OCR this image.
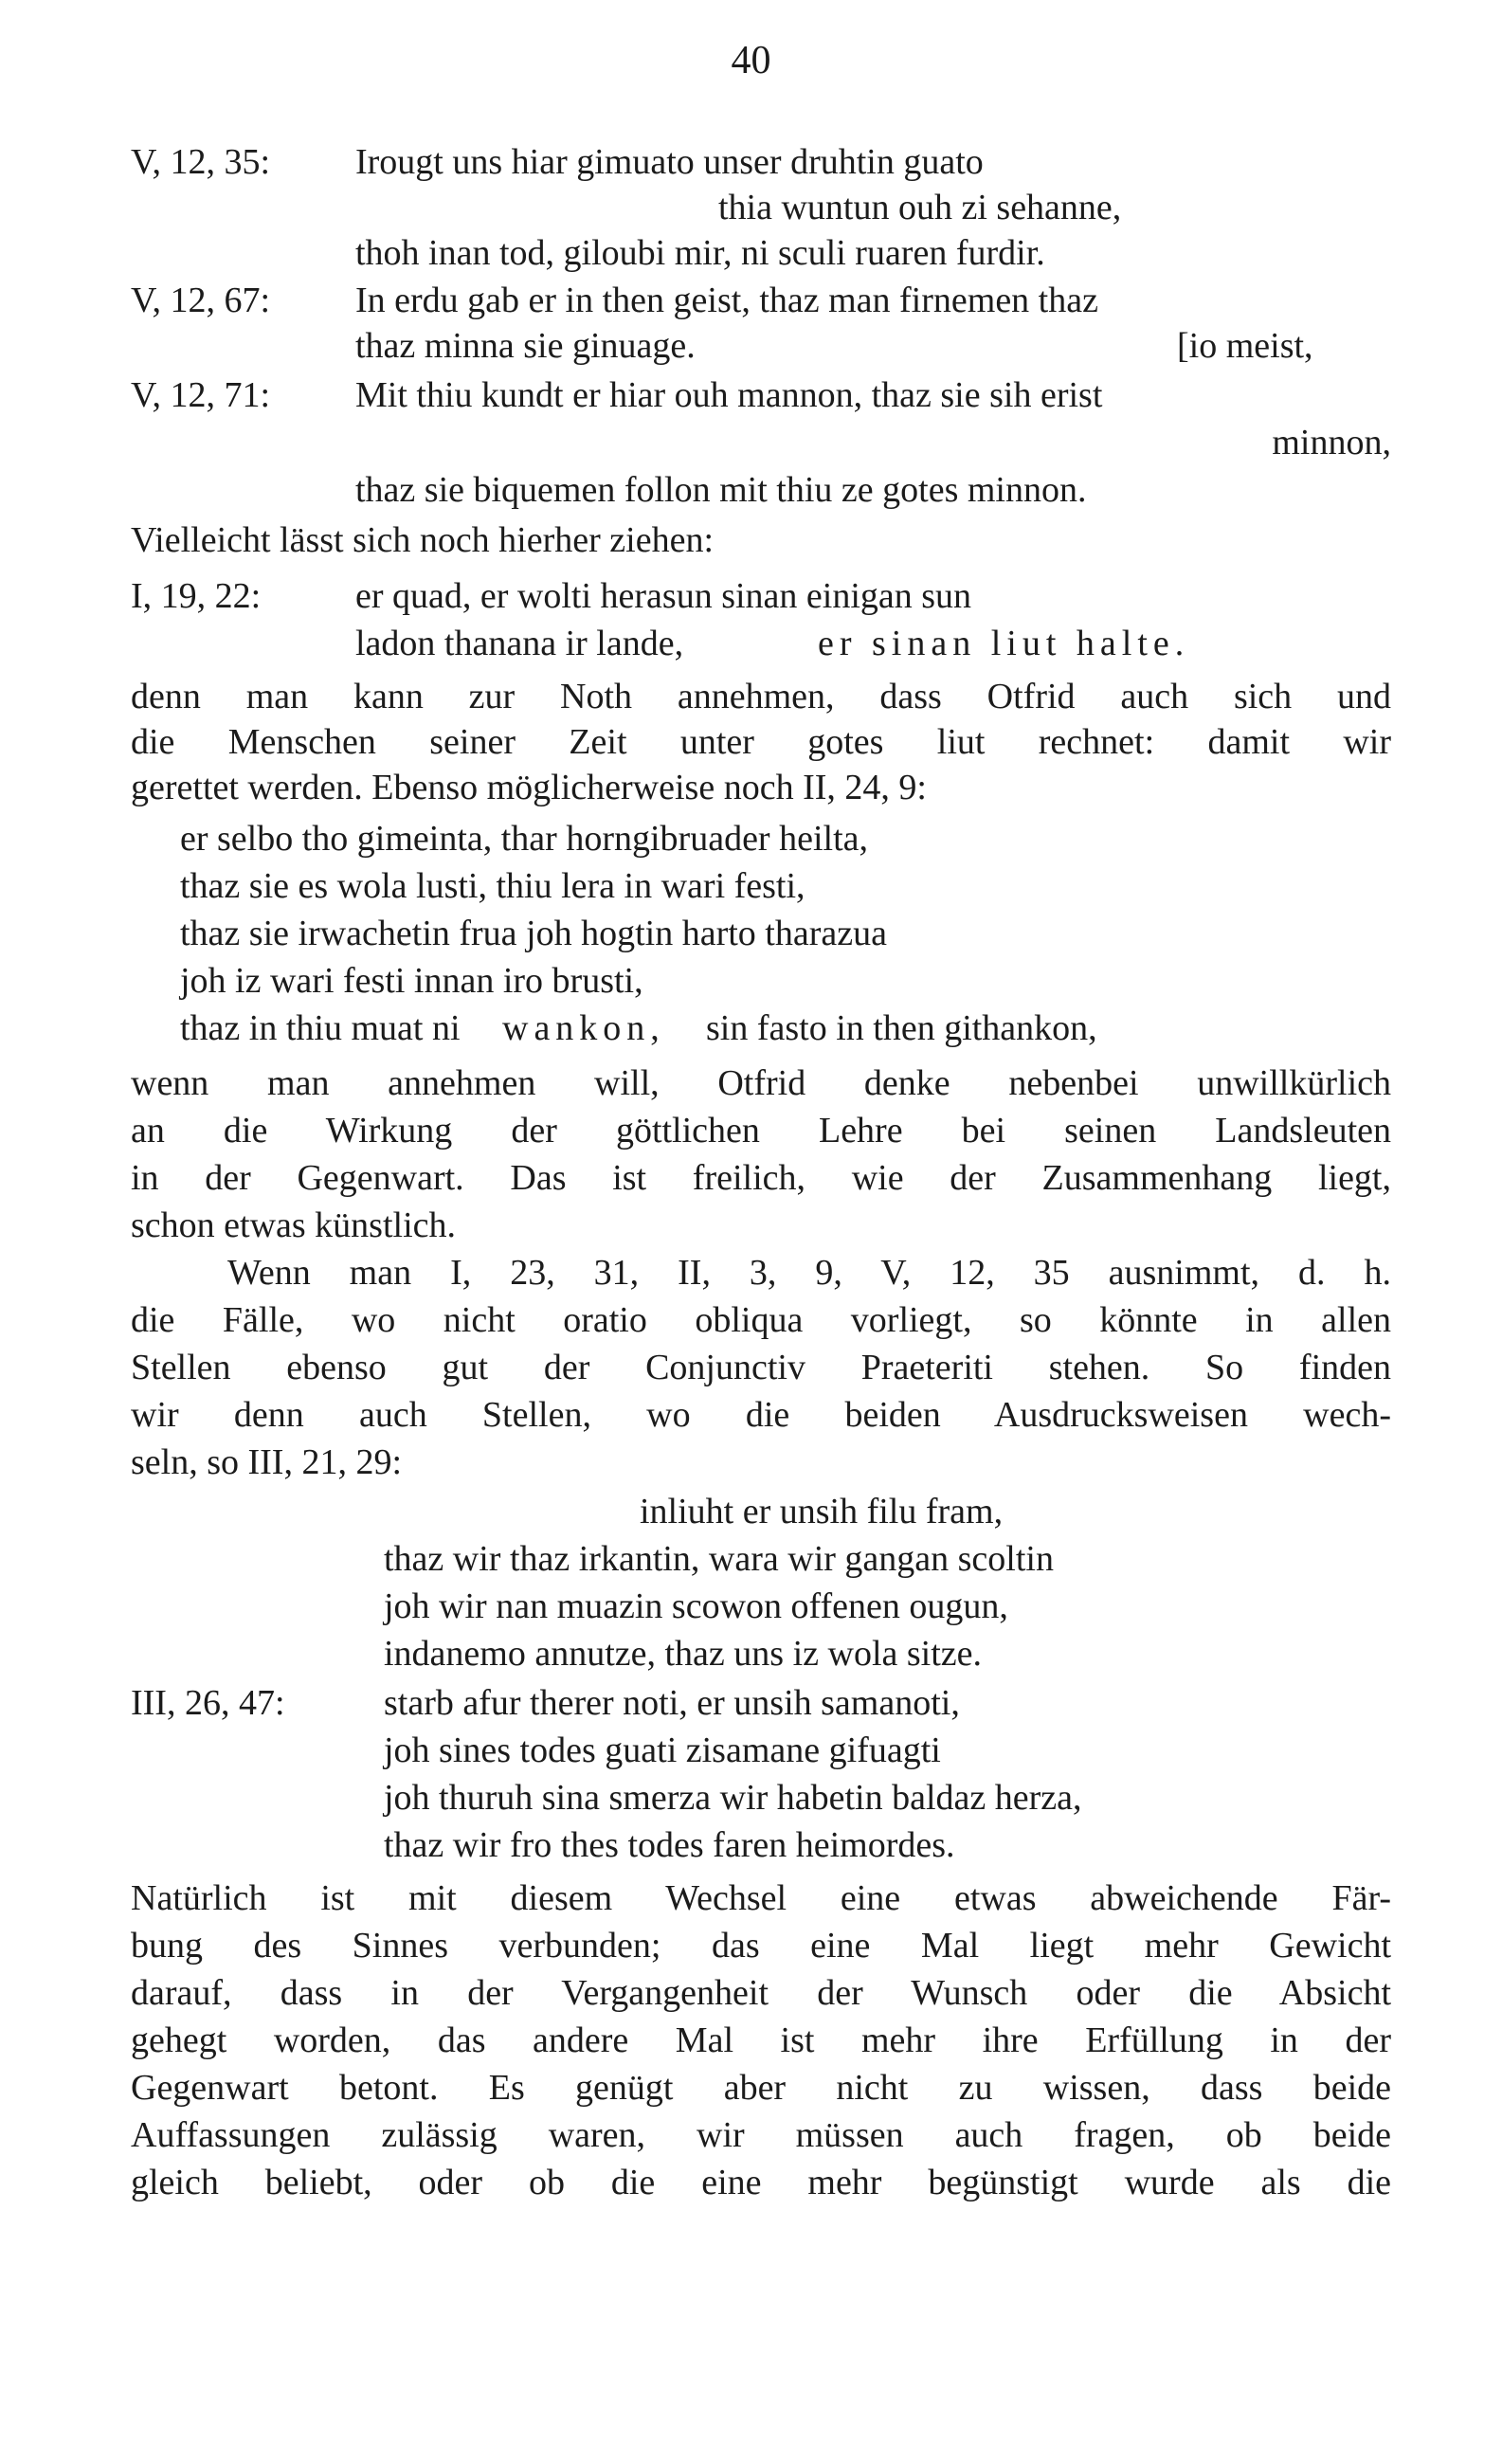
40
V, 12, 35: Irougt uns hiar gimuato unser druhtin guato
thia wuntun ouh zi sehanne,
thoh inan tod, giloubi mir, ni sculi ruaren furdir.
V, 12, 67: In erdu gab er in then geist, thaz man firnemen thaz
thaz minna sie ginuage.	[io meist,
V, 12, 71: Mit thiu kundt er hiar ouh mannon, thaz sie sih erist
minnon,
thaz sie biquemen follon mit thiu ze gotes minnon.
Vielleicht lässt sich noch hierher ziehen:
I, 19, 22:	er quad, er wolti herasun sinan einigan sun
ladon thanana ir lande,	er sinan liut halte.
denn man kann zur Noth annehmen, dass Otfrid auch sich und
die Menschen seiner Zeit unter gotes liut rechnet: damit wir
gerettet werden. Ebenso möglicherweise noch II, 24, 9:
er selbo tho gimeinta, thar horngibruader heilta,
thaz sie es wola lusti, thiu lera in wari festi,
thaz sie irwachetin frua joh hogtin harto tharazua
joh iz wari festi innan iro brusti,
thaz in thiu muat ni wankon, sin fasto in then githankon,
wenn man annehmen will, Otfrid denke nebenbei unwillkürlich
an die Wirkung der göttlichen Lehre bei seinen Landsleuten
in der Gegenwart. Das ist freilich, wie der Zusammenhang liegt,
schon etwas künstlich.
Wenn man I, 23, 31, II, 3, 9, V, 12, 35 ausnimmt, d. h.
die Fälle, wo nicht oratio obliqua vorliegt, so könnte in allen
Stellen ebenso gut der Conjunctiv Praeteriti stehen. So finden
wir denn auch Stellen, wo die beiden Ausdrucksweisen wech-
seln, so III, 21, 29:
inliuht er unsih filu fram,
thaz wir thaz irkantin, wara wir gangan scoltin
joh wir nan muazin scowon offenen ougun,
indanemo annutze, thaz uns iz wola sitze.
III, 26, 47:	starb afur therer noti, er unsih samanoti,
joh sines todes guati zisamane gifuagti
joh thuruh sina smerza wir habetin baldaz herza,
thaz wir fro thes todes faren heimordes.
Natürlich ist mit diesem Wechsel eine etwas abweichende Fär-
bung des Sinnes verbunden; das eine Mal liegt mehr Gewicht
darauf, dass in der Vergangenheit der Wunsch oder die Absicht
gehegt worden, das andere Mal ist mehr ihre Erfüllung in der
Gegenwart betont. Es genügt aber nicht zu wissen, dass beide
Auffassungen zulässig waren, wir müssen auch fragen, ob beide
gleich beliebt, oder ob die eine mehr begünstigt wurde als die
